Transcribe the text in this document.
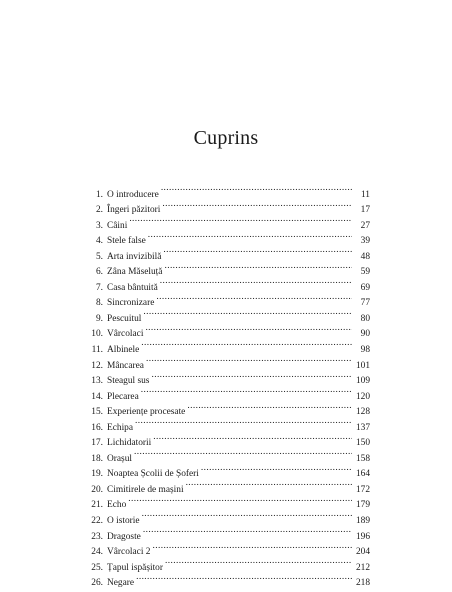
Cuprins
1. O introducere .....	11
2. Îngeri păzitori .....	17
3. Câini .....	27
4. Stele false .....	39
5. Arta invizibilă .....	48
6. Zâna Măseluță .....	59
7. Casa bântuită .....	69
8. Sincronizare .....	77
9. Pescuitul .....	80
10. Vârcolaci .....	90
11. Albinele .....	98
12. Mâncarea .....	101
13. Steagul sus .....	109
14. Plecarea .....	120
15. Experiențe procesate .....	128
16. Echipa .....	137
17. Lichidatorii .....	150
18. Orașul .....	158
19. Noaptea Școlii de Șoferi .....	164
20. Cimitirele de mașini .....	172
21. Echo .....	179
22. O istorie .....	189
23. Dragoste .....	196
24. Vârcolaci 2 .....	204
25. Țapul ispășitor .....	212
26. Negare .....	218
